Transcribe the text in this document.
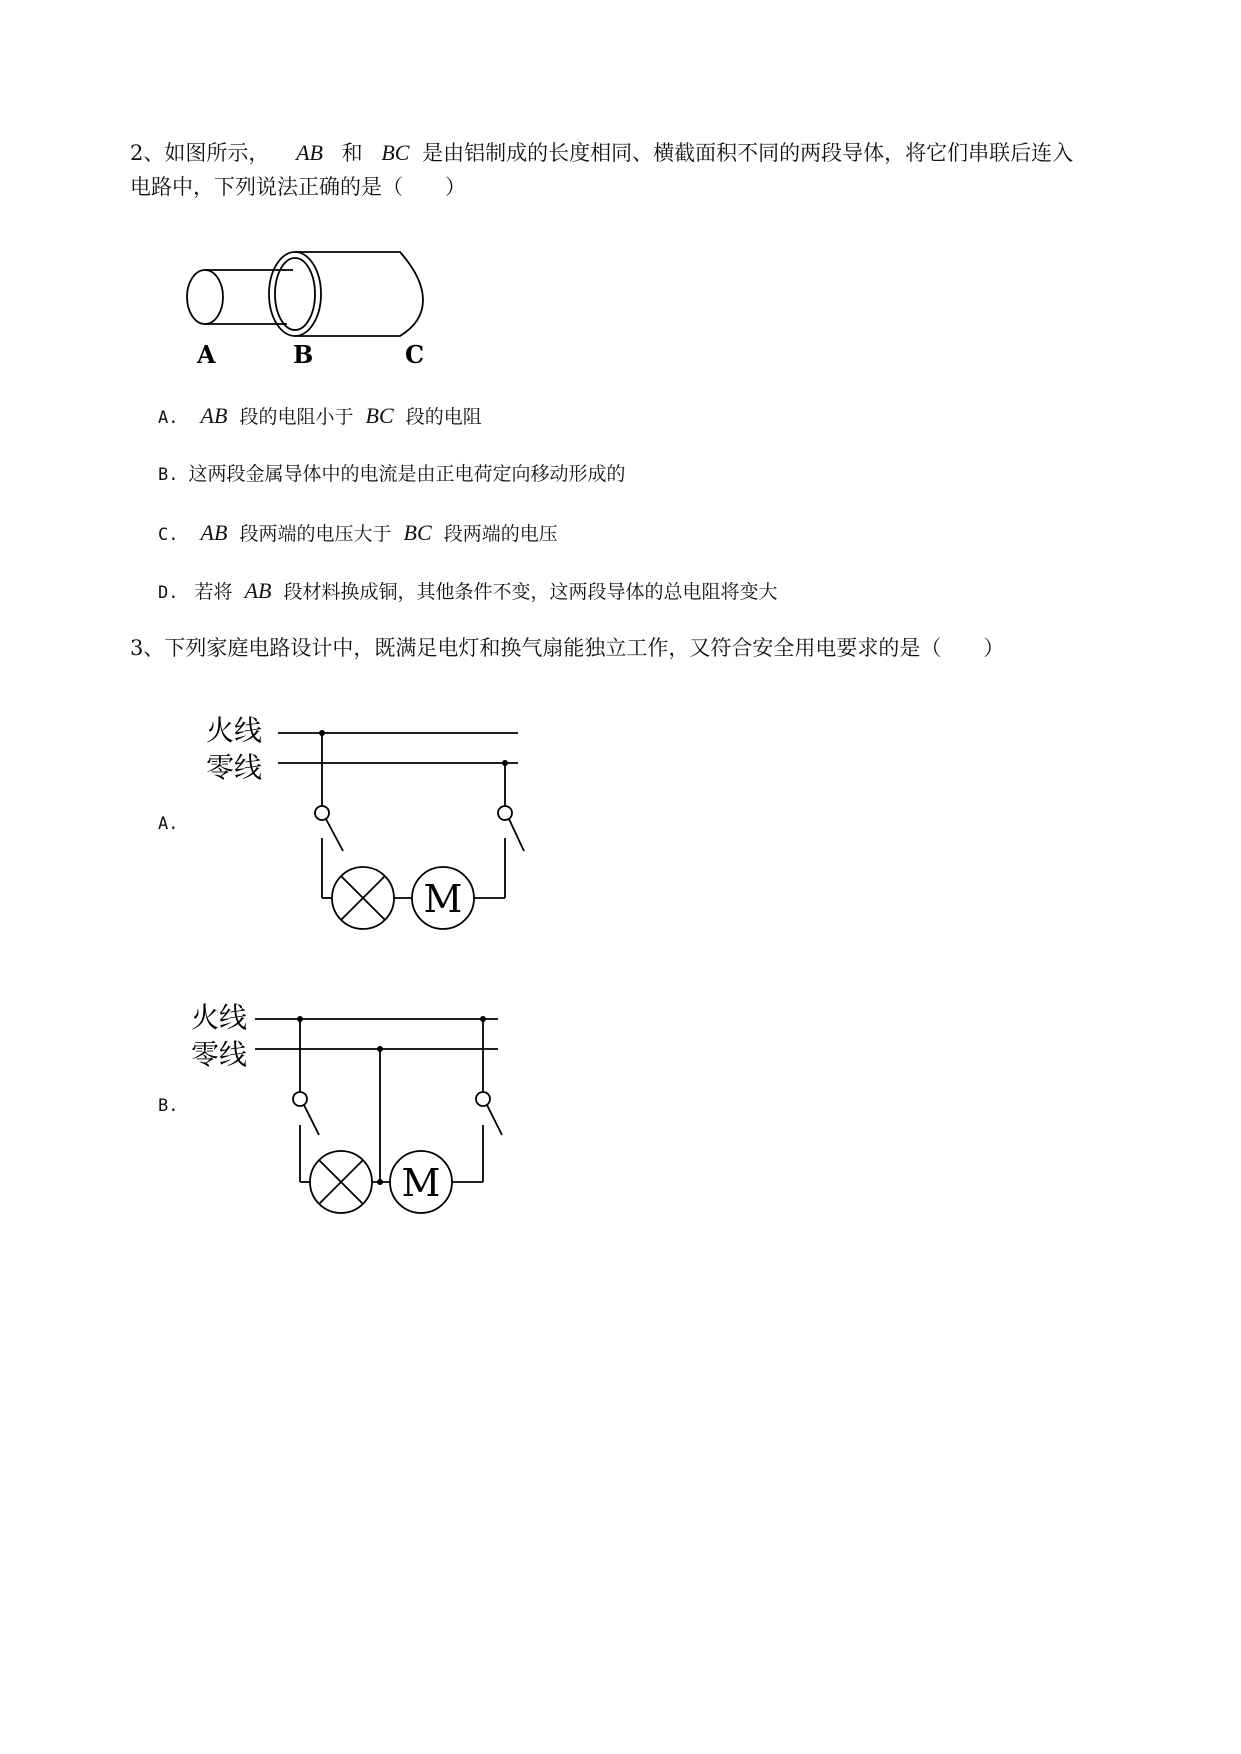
2、如图所示， AB 和 BC 是由铝制成的长度相同、横截面积不同的两段导体，将它们串联后连入
电路中，下列说法正确的是（　　）
A	B	C
A. AB 段的电阻小于 BC 段的电阻
B. 这两段金属导体中的电流是由正电荷定向移动形成的
C. AB 段两端的电压大于 BC 段两端的电压
D. 若将 AB 段材料换成铜，其他条件不变，这两段导体的总电阻将变大
3、下列家庭电路设计中，既满足电灯和换气扇能独立工作，又符合安全用电要求的是（　　）
A.
火线
零线
M
B.
火线
零线
M
